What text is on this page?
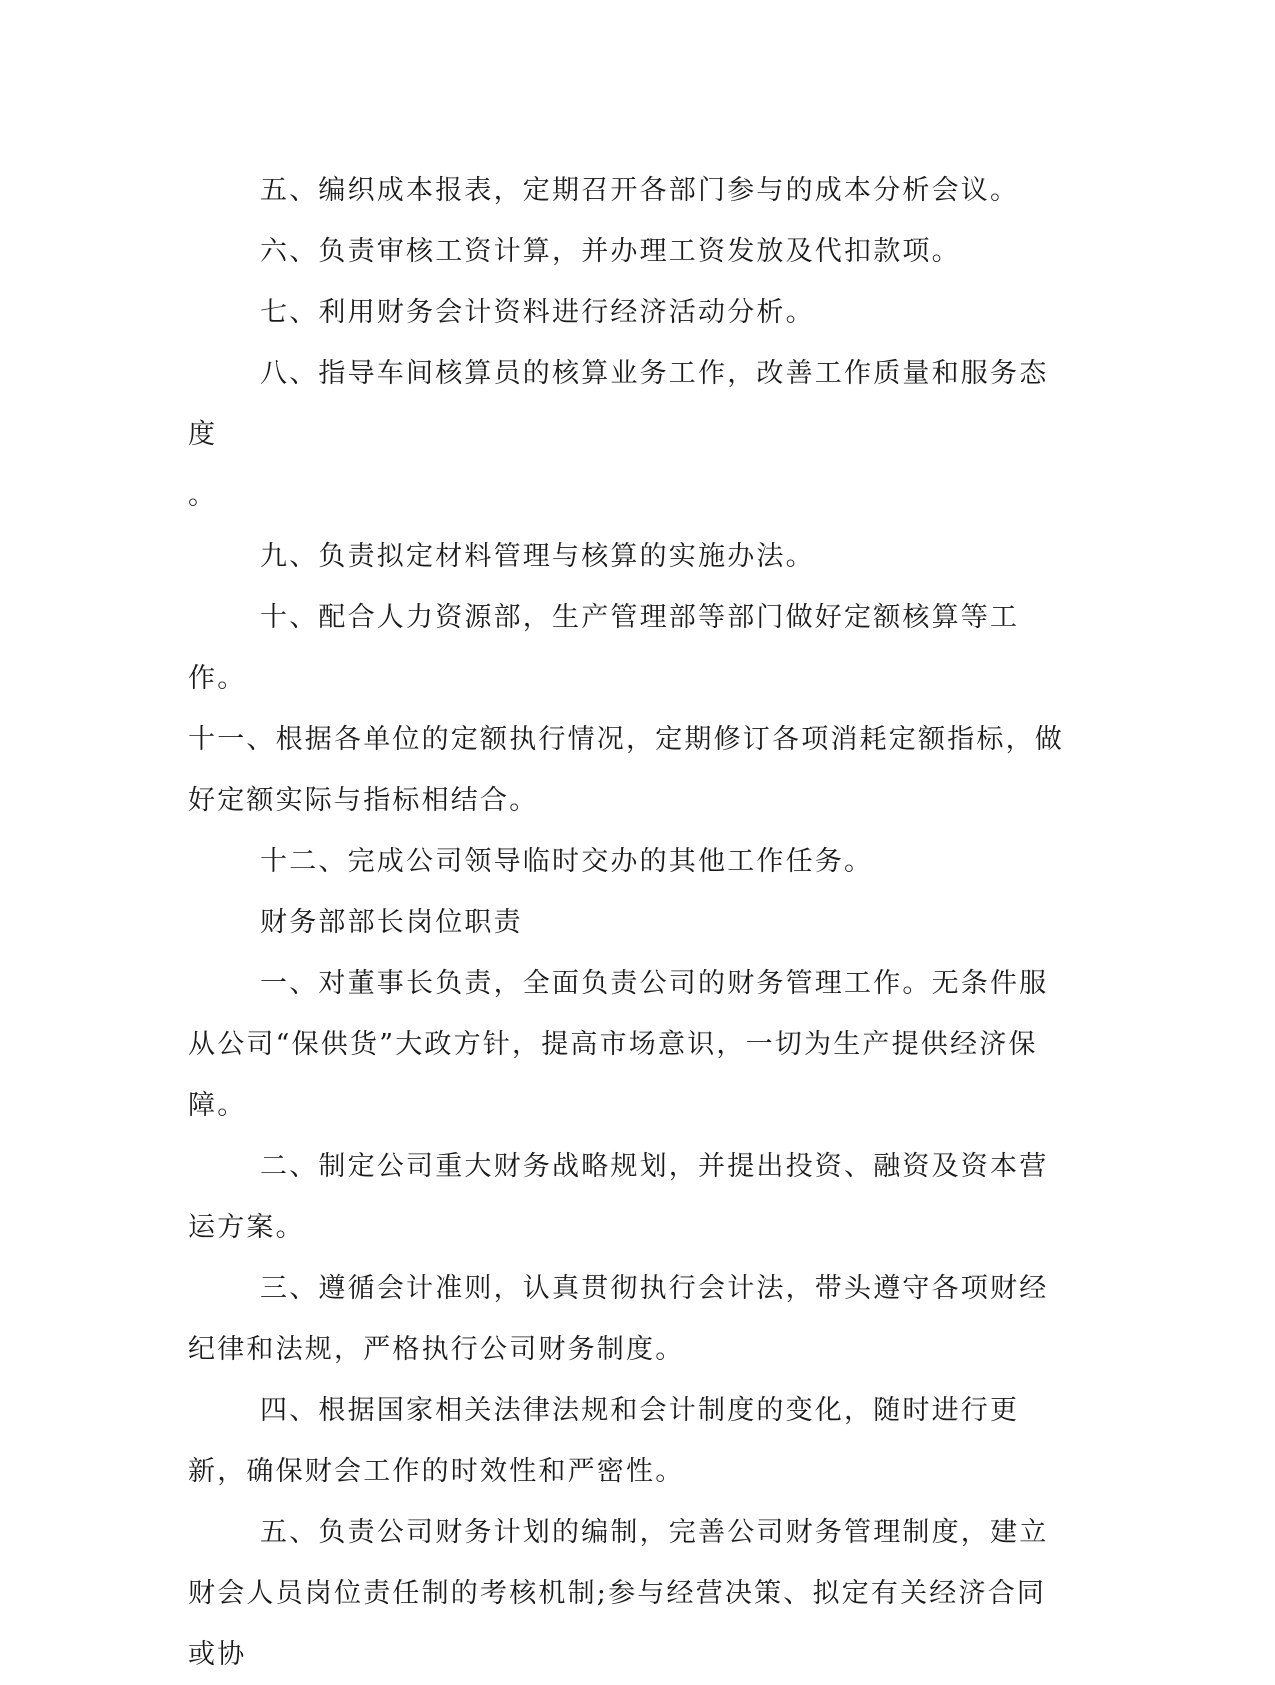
五、编织成本报表，定期召开各部门参与的成本分析会议。

六、负责审核工资计算，并办理工资发放及代扣款项。

七、利用财务会计资料进行经济活动分析。

八、指导车间核算员的核算业务工作，改善工作质量和服务态度

。

九、负责拟定材料管理与核算的实施办法。

十、配合人力资源部，生产管理部等部门做好定额核算等工作。

十一、根据各单位的定额执行情况，定期修订各项消耗定额指标，做好定额实际与指标相结合。

十二、完成公司领导临时交办的其他工作任务。

财务部部长岗位职责

一、对董事长负责，全面负责公司的财务管理工作。无条件服从公司“保供货”大政方针，提高市场意识，一切为生产提供经济保障。

二、制定公司重大财务战略规划，并提出投资、融资及资本营运方案。

三、遵循会计准则，认真贯彻执行会计法，带头遵守各项财经纪律和法规，严格执行公司财务制度。

四、根据国家相关法律法规和会计制度的变化，随时进行更新，确保财会工作的时效性和严密性。

五、负责公司财务计划的编制，完善公司财务管理制度，建立财会人员岗位责任制的考核机制;参与经营决策、拟定有关经济合同或协
